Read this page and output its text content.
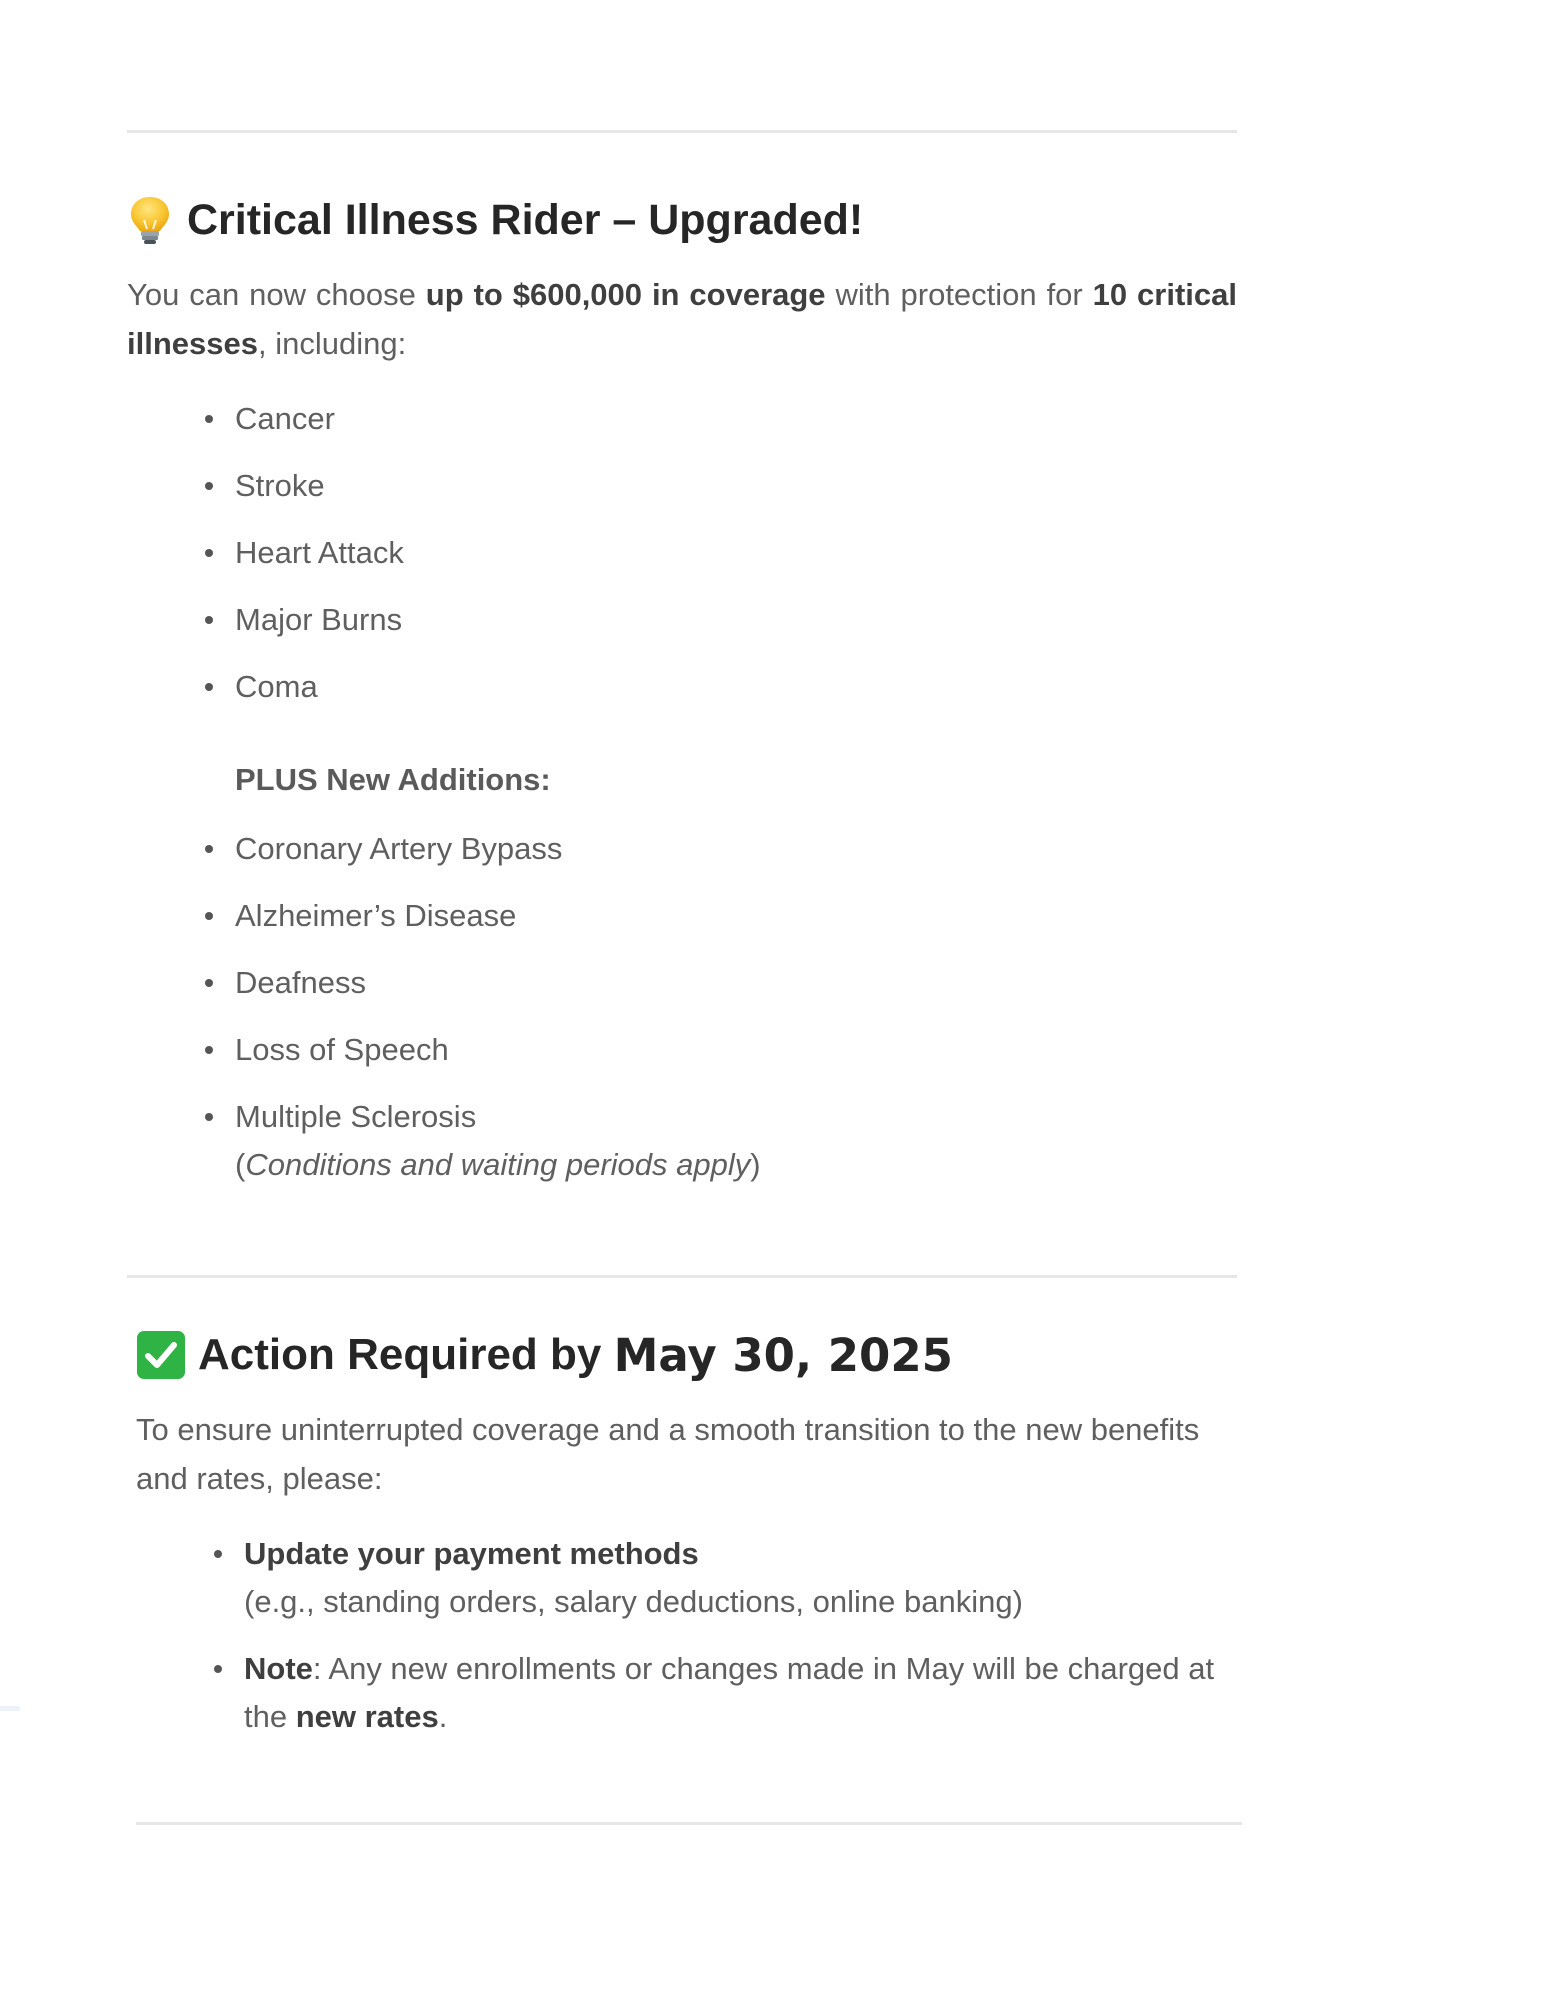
Critical Illness Rider – Upgraded!

You can now choose up to $600,000 in coverage with protection for 10 critical illnesses, including:

Cancer
Stroke
Heart Attack
Major Burns
Coma

PLUS New Additions:

Coronary Artery Bypass
Alzheimer’s Disease
Deafness
Loss of Speech
Multiple Sclerosis

(Conditions and waiting periods apply)

Action Required by May 30, 2025

To ensure uninterrupted coverage and a smooth transition to the new benefits and rates, please:

Update your payment methods
(e.g., standing orders, salary deductions, online banking)
Note: Any new enrollments or changes made in May will be charged at the new rates.
